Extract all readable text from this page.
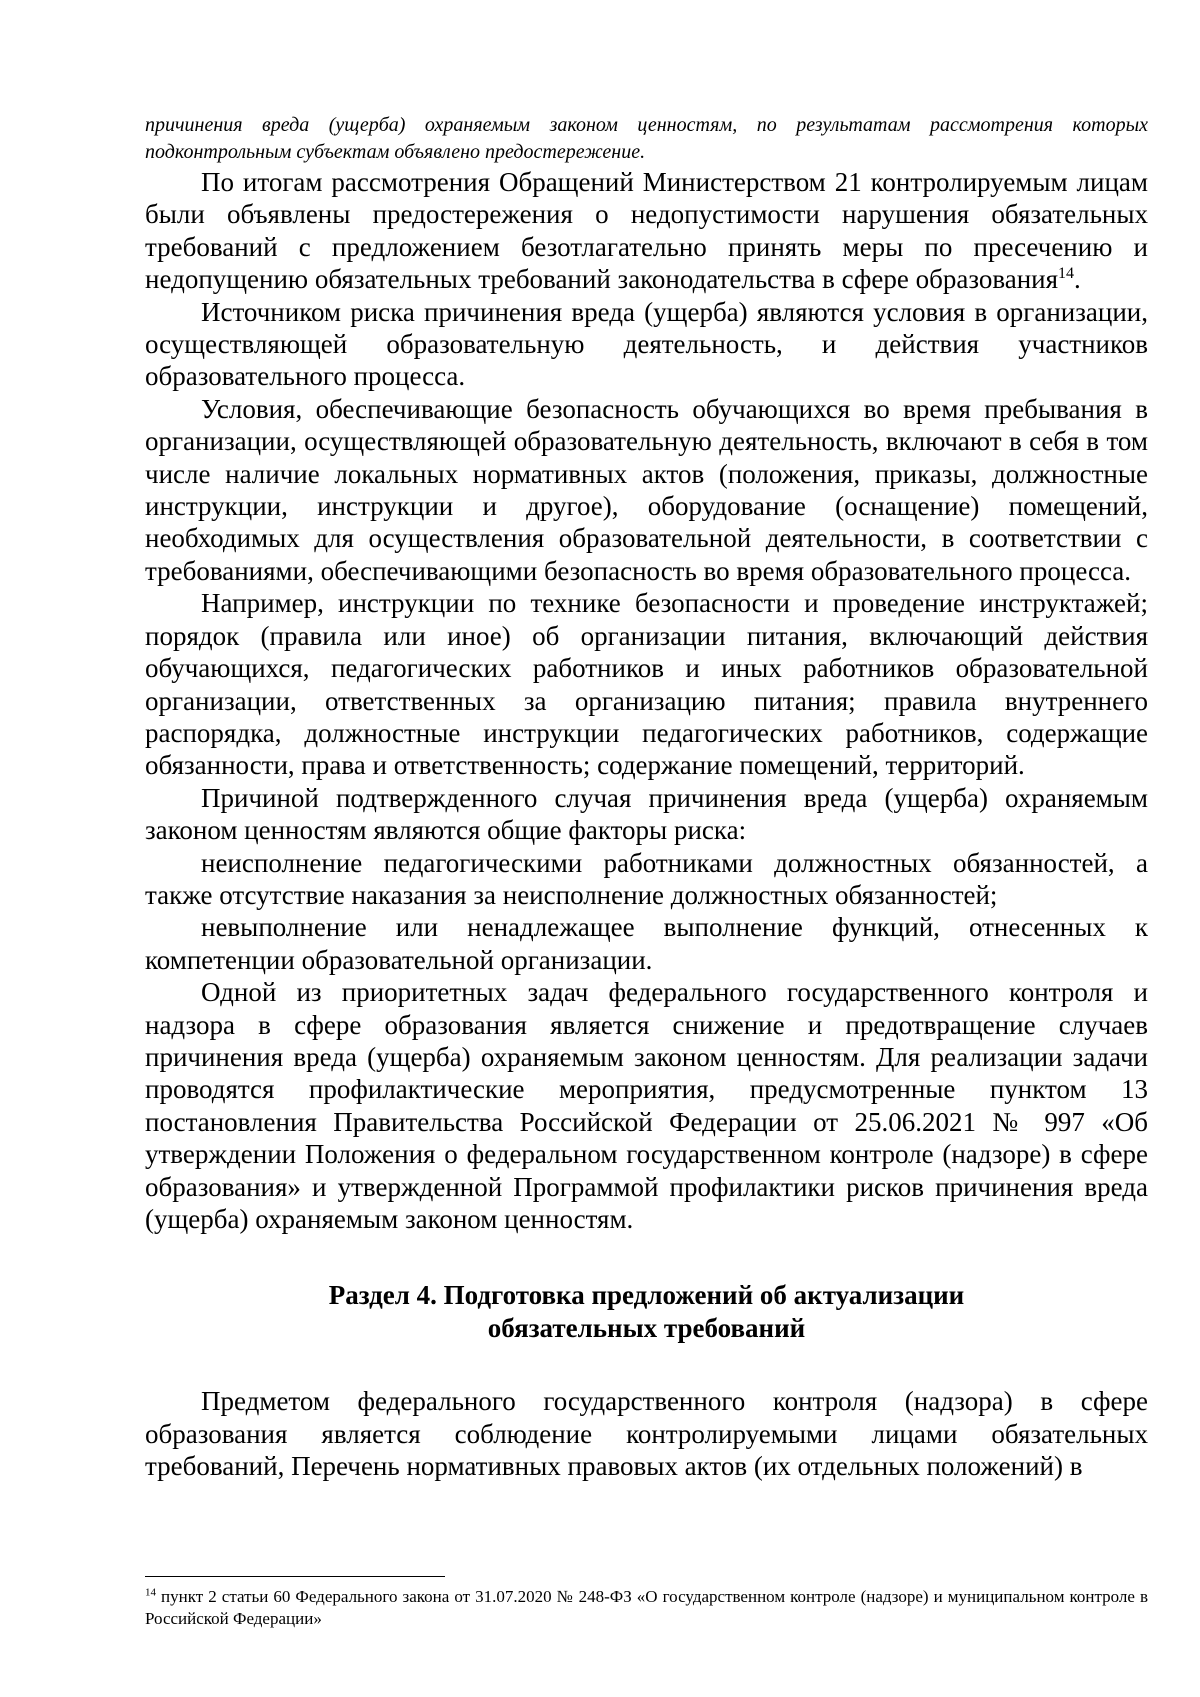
причинения вреда (ущерба) охраняемым законом ценностям, по результатам рассмотрения которых подконтрольным субъектам объявлено предостережение.

По итогам рассмотрения Обращений Министерством 21 контролируемым лицам были объявлены предостережения о недопустимости нарушения обязательных требований с предложением безотлагательно принять меры по пресечению и недопущению обязательных требований законодательства в сфере образования$^{14}$.

Источником риска причинения вреда (ущерба) являются условия в организации, осуществляющей образовательную деятельность, и действия участников образовательного процесса.

Условия, обеспечивающие безопасность обучающихся во время пребывания в организации, осуществляющей образовательную деятельность, включают в себя в том числе наличие локальных нормативных актов (положения, приказы, должностные инструкции, инструкции и другое), оборудование (оснащение) помещений, необходимых для осуществления образовательной деятельности, в соответствии с требованиями, обеспечивающими безопасность во время образовательного процесса.

Например, инструкции по технике безопасности и проведение инструктажей; порядок (правила или иное) об организации питания, включающий действия обучающихся, педагогических работников и иных работников образовательной организации, ответственных за организацию питания; правила внутреннего распорядка, должностные инструкции педагогических работников, содержащие обязанности, права и ответственность; содержание помещений, территорий.

Причиной подтвержденного случая причинения вреда (ущерба) охраняемым законом ценностям являются общие факторы риска:

неисполнение педагогическими работниками должностных обязанностей, а также отсутствие наказания за неисполнение должностных обязанностей;

невыполнение или ненадлежащее выполнение функций, отнесенных к компетенции образовательной организации.

Одной из приоритетных задач федерального государственного контроля и надзора в сфере образования является снижение и предотвращение случаев причинения вреда (ущерба) охраняемым законом ценностям. Для реализации задачи проводятся профилактические мероприятия, предусмотренные пунктом 13 постановления Правительства Российской Федерации от 25.06.2021 № 997 «Об утверждении Положения о федеральном государственном контроле (надзоре) в сфере образования» и утвержденной Программой профилактики рисков причинения вреда (ущерба) охраняемым законом ценностям.

Раздел 4. Подготовка предложений об актуализации
обязательных требований

Предметом федерального государственного контроля (надзора) в сфере образования является соблюдение контролируемыми лицами обязательных требований, Перечень нормативных правовых актов (их отдельных положений) в

$^{14}$ пункт 2 статьи 60 Федерального закона от 31.07.2020 № 248-ФЗ «О государственном контроле (надзоре) и муниципальном контроле в Российской Федерации»
